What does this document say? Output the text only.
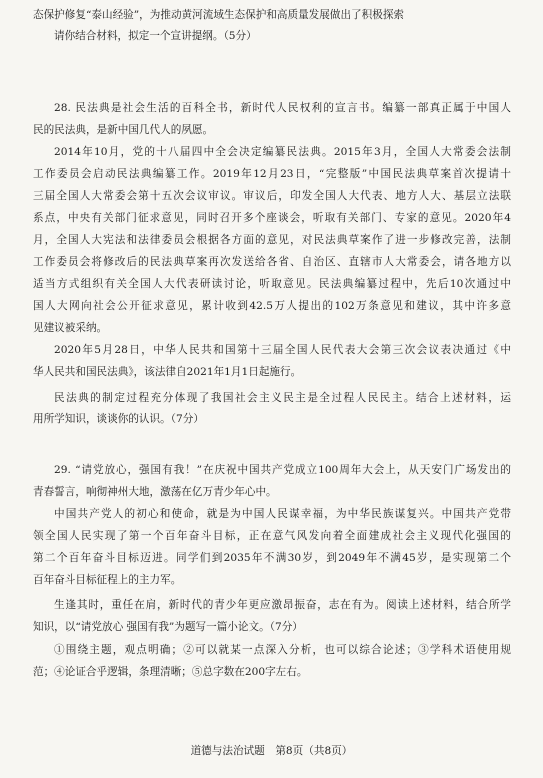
态保护修复“泰山经验”，为推动黄河流域生态保护和高质量发展做出了积极探索
请你结合材料，拟定一个宣讲提纲。（5分）
28. 民法典是社会生活的百科全书，新时代人民权利的宣言书。编纂一部真正属于中国人
民的民法典，是新中国几代人的夙愿。
2014年10月，党的十八届四中全会决定编纂民法典。2015年3月，全国人大常委会法制
工作委员会启动民法典编纂工作。2019年12月23日，“完整版”中国民法典草案首次提请十
三届全国人大常委会第十五次会议审议。审议后，印发全国人大代表、地方人大、基层立法联
系点，中央有关部门征求意见，同时召开多个座谈会，听取有关部门、专家的意见。2020年4
月，全国人大宪法和法律委员会根据各方面的意见，对民法典草案作了进一步修改完善，法制
工作委员会将修改后的民法典草案再次发送给各省、自治区、直辖市人大常委会，请各地方以
适当方式组织有关全国人大代表研读讨论，听取意见。民法典编纂过程中，先后10次通过中
国人大网向社会公开征求意见，累计收到42.5万人提出的102万条意见和建议，其中许多意
见建议被采纳。
2020年5月28日，中华人民共和国第十三届全国人民代表大会第三次会议表决通过《中
华人民共和国民法典》，该法律自2021年1月1日起施行。
民法典的制定过程充分体现了我国社会主义民主是全过程人民民主。结合上述材料，运
用所学知识，谈谈你的认识。（7分）
29. “请党放心，强国有我！”在庆祝中国共产党成立100周年大会上，从天安门广场发出的
青春誓言，响彻神州大地，激荡在亿万青少年心中。
中国共产党人的初心和使命，就是为中国人民谋幸福，为中华民族谋复兴。中国共产党带
领全国人民实现了第一个百年奋斗目标，正在意气风发向着全面建成社会主义现代化强国的
第二个百年奋斗目标迈进。同学们到2035年不满30岁，到2049年不满45岁，是实现第二个
百年奋斗目标征程上的主力军。
生逢其时，重任在肩，新时代的青少年更应激昂振奋，志在有为。阅读上述材料，结合所学
知识，以“请党放心 强国有我”为题写一篇小论文。（7分）
①围绕主题，观点明确；②可以就某一点深入分析，也可以综合论述；③学科术语使用规
范；④论证合乎逻辑，条理清晰；⑤总字数在200字左右。
道德与法治试题　第8页（共8页）
